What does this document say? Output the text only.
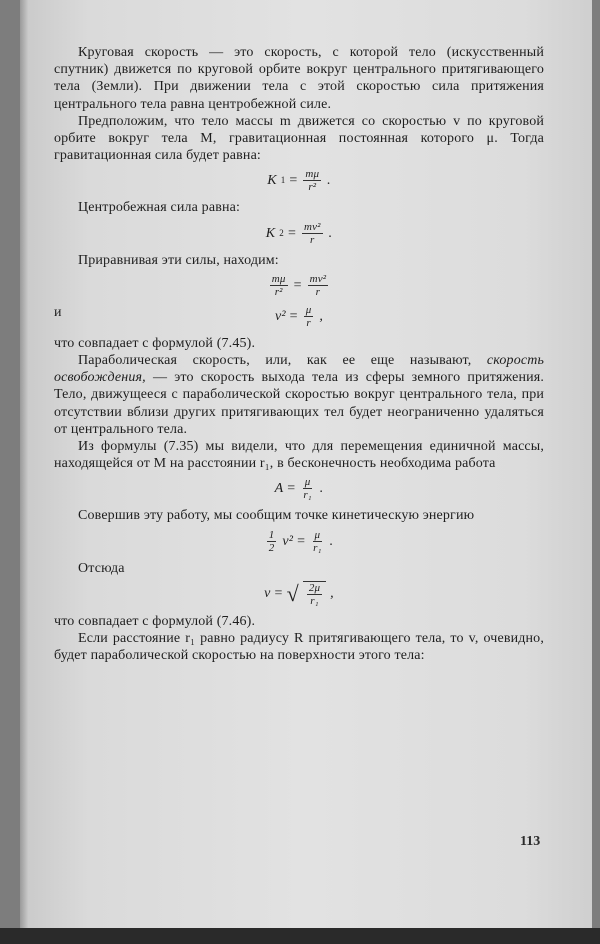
Круговая скорость — это скорость, с которой тело (искусственный спутник) движется по круговой орбите вокруг центрального притягивающего тела (Земли). При движении тела с этой скоростью сила притяжения центрального тела равна центробежной силе.

Предположим, что тело массы m движется со скоростью v по круговой орбите вокруг тела M, гравитационная постоянная которого μ. Тогда гравитационная сила будет равна:

K $1 = \frac{m\mu}{\text{r²}}$ .

Центробежная сила равна:

K $2 = \frac{\text{mv²}}{r}$ .

Приравнивая эти силы, находим:

$\frac{m\mu}{\text{r²}} = \frac{\text{mv²}}{r}$

и	$v^2 = \frac{\mu}{r}$ ,

что совпадает с формулой (7.45).

Параболическая скорость, или, как ее еще называют, скорость освобождения, — это скорость выхода тела из сферы земного притяжения. Тело, движущееся с параболической скоростью вокруг центрального тела, при отсутствии вблизи других притягивающих тел будет неограниченно удаляться от центрального тела.

Из формулы (7.35) мы видели, что для перемещения единичной массы, находящейся от M на расстоянии r₁, в бесконечность необходима работа

$A = \frac{\mu}{\text{r₁}}$ .

Совершив эту работу, мы сообщим точке кинетическую энергию

$\frac{1}{2} v^2 = \frac{\mu}{\text{r₁}}$ .

Отсюда

v = √ $\frac{2\mu}{\text{r₁}}$ ,

что совпадает с формулой (7.46).

Если расстояние r₁ равно радиусу R притягивающего тела, то v, очевидно, будет параболической скоростью на поверхности этого тела:

113
